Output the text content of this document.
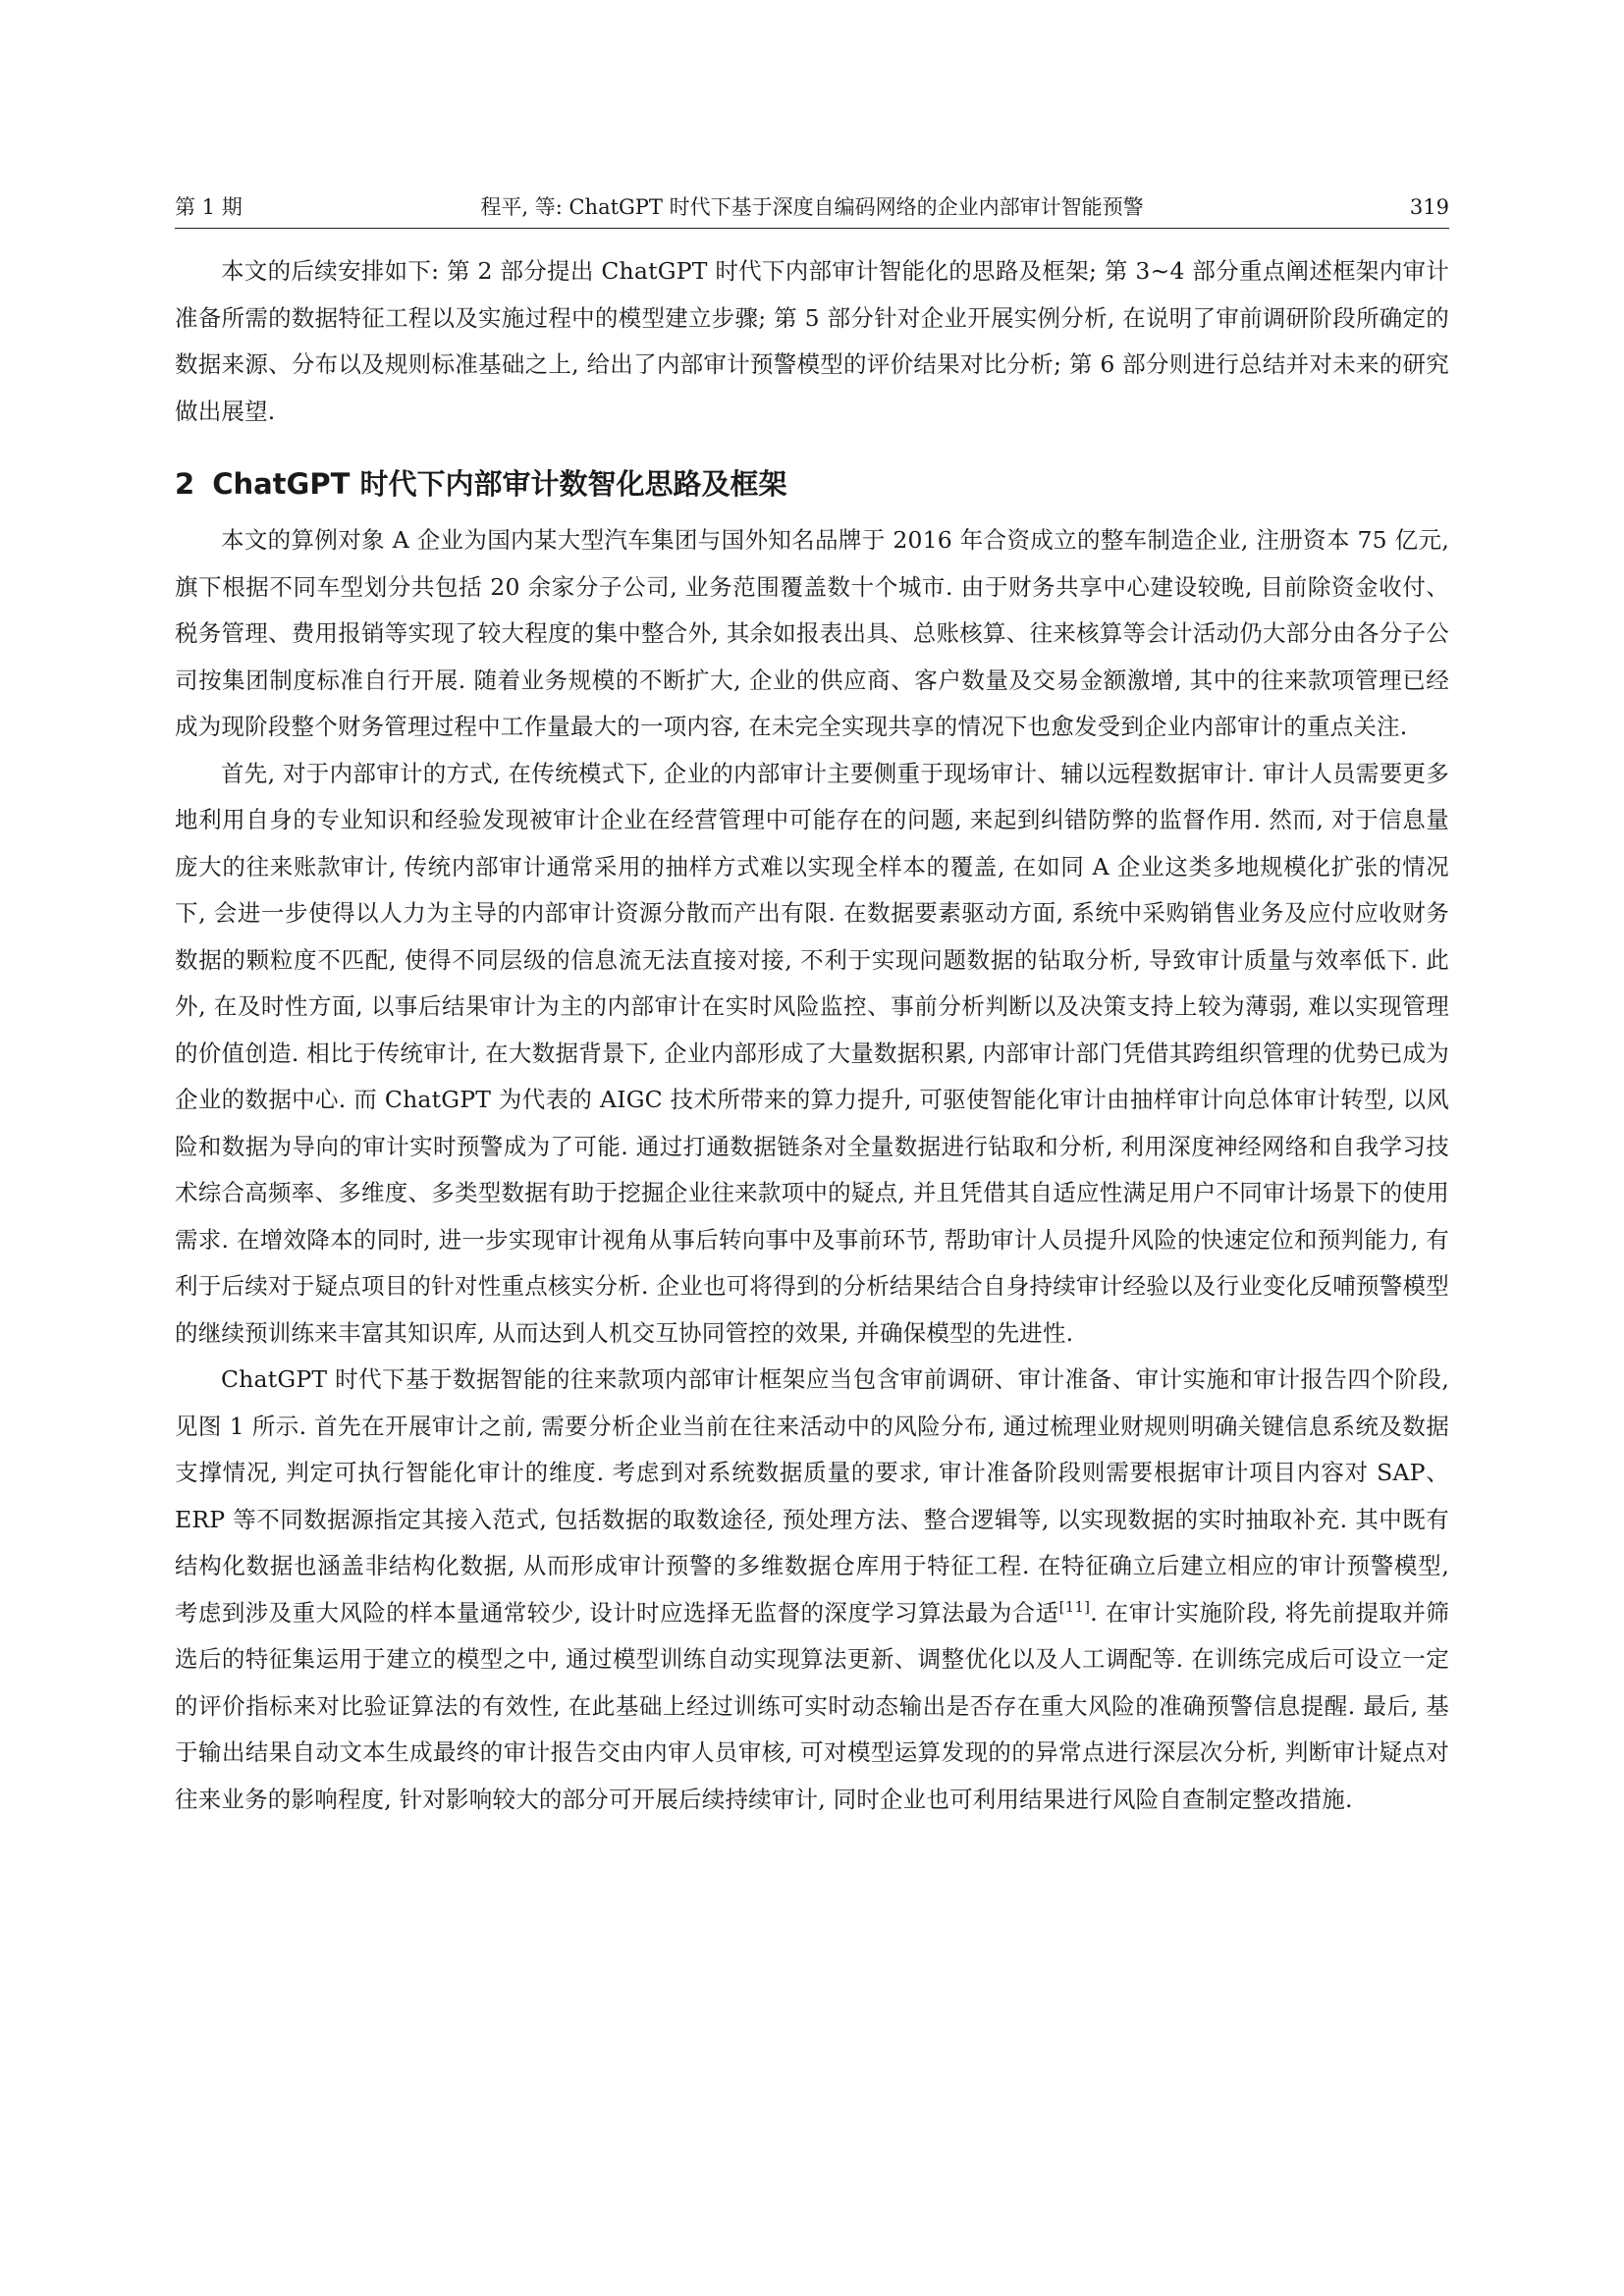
第 1 期	程平, 等: ChatGPT 时代下基于深度自编码网络的企业内部审计智能预警	319

本文的后续安排如下: 第 2 部分提出 ChatGPT 时代下内部审计智能化的思路及框架; 第 3∼4 部分重点阐述框架内审计准备所需的数据特征工程以及实施过程中的模型建立步骤; 第 5 部分针对企业开展实例分析, 在说明了审前调研阶段所确定的数据来源、分布以及规则标准基础之上, 给出了内部审计预警模型的评价结果对比分析; 第 6 部分则进行总结并对未来的研究做出展望.

2 ChatGPT 时代下内部审计数智化思路及框架

本文的算例对象 A 企业为国内某大型汽车集团与国外知名品牌于 2016 年合资成立的整车制造企业, 注册资本 75 亿元, 旗下根据不同车型划分共包括 20 余家分子公司, 业务范围覆盖数十个城市. 由于财务共享中心建设较晚, 目前除资金收付、税务管理、费用报销等实现了较大程度的集中整合外, 其余如报表出具、总账核算、往来核算等会计活动仍大部分由各分子公司按集团制度标准自行开展. 随着业务规模的不断扩大, 企业的供应商、客户数量及交易金额激增, 其中的往来款项管理已经成为现阶段整个财务管理过程中工作量最大的一项内容, 在未完全实现共享的情况下也愈发受到企业内部审计的重点关注.

首先, 对于内部审计的方式, 在传统模式下, 企业的内部审计主要侧重于现场审计、辅以远程数据审计. 审计人员需要更多地利用自身的专业知识和经验发现被审计企业在经营管理中可能存在的问题, 来起到纠错防弊的监督作用. 然而, 对于信息量庞大的往来账款审计, 传统内部审计通常采用的抽样方式难以实现全样本的覆盖, 在如同 A 企业这类多地规模化扩张的情况下, 会进一步使得以人力为主导的内部审计资源分散而产出有限. 在数据要素驱动方面, 系统中采购销售业务及应付应收财务数据的颗粒度不匹配, 使得不同层级的信息流无法直接对接, 不利于实现问题数据的钻取分析, 导致审计质量与效率低下. 此外, 在及时性方面, 以事后结果审计为主的内部审计在实时风险监控、事前分析判断以及决策支持上较为薄弱, 难以实现管理的价值创造. 相比于传统审计, 在大数据背景下, 企业内部形成了大量数据积累, 内部审计部门凭借其跨组织管理的优势已成为企业的数据中心. 而 ChatGPT 为代表的 AIGC 技术所带来的算力提升, 可驱使智能化审计由抽样审计向总体审计转型, 以风险和数据为导向的审计实时预警成为了可能. 通过打通数据链条对全量数据进行钻取和分析, 利用深度神经网络和自我学习技术综合高频率、多维度、多类型数据有助于挖掘企业往来款项中的疑点, 并且凭借其自适应性满足用户不同审计场景下的使用需求. 在增效降本的同时, 进一步实现审计视角从事后转向事中及事前环节, 帮助审计人员提升风险的快速定位和预判能力, 有利于后续对于疑点项目的针对性重点核实分析. 企业也可将得到的分析结果结合自身持续审计经验以及行业变化反哺预警模型的继续预训练来丰富其知识库, 从而达到人机交互协同管控的效果, 并确保模型的先进性.

ChatGPT 时代下基于数据智能的往来款项内部审计框架应当包含审前调研、审计准备、审计实施和审计报告四个阶段, 见图 1 所示. 首先在开展审计之前, 需要分析企业当前在往来活动中的风险分布, 通过梳理业财规则明确关键信息系统及数据支撑情况, 判定可执行智能化审计的维度. 考虑到对系统数据质量的要求, 审计准备阶段则需要根据审计项目内容对 SAP、ERP 等不同数据源指定其接入范式, 包括数据的取数途径, 预处理方法、整合逻辑等, 以实现数据的实时抽取补充. 其中既有结构化数据也涵盖非结构化数据, 从而形成审计预警的多维数据仓库用于特征工程. 在特征确立后建立相应的审计预警模型, 考虑到涉及重大风险的样本量通常较少, 设计时应选择无监督的深度学习算法最为合适[11]. 在审计实施阶段, 将先前提取并筛选后的特征集运用于建立的模型之中, 通过模型训练自动实现算法更新、调整优化以及人工调配等. 在训练完成后可设立一定的评价指标来对比验证算法的有效性, 在此基础上经过训练可实时动态输出是否存在重大风险的准确预警信息提醒. 最后, 基于输出结果自动文本生成最终的审计报告交由内审人员审核, 可对模型运算发现的的异常点进行深层次分析, 判断审计疑点对往来业务的影响程度, 针对影响较大的部分可开展后续持续审计, 同时企业也可利用结果进行风险自查制定整改措施.
